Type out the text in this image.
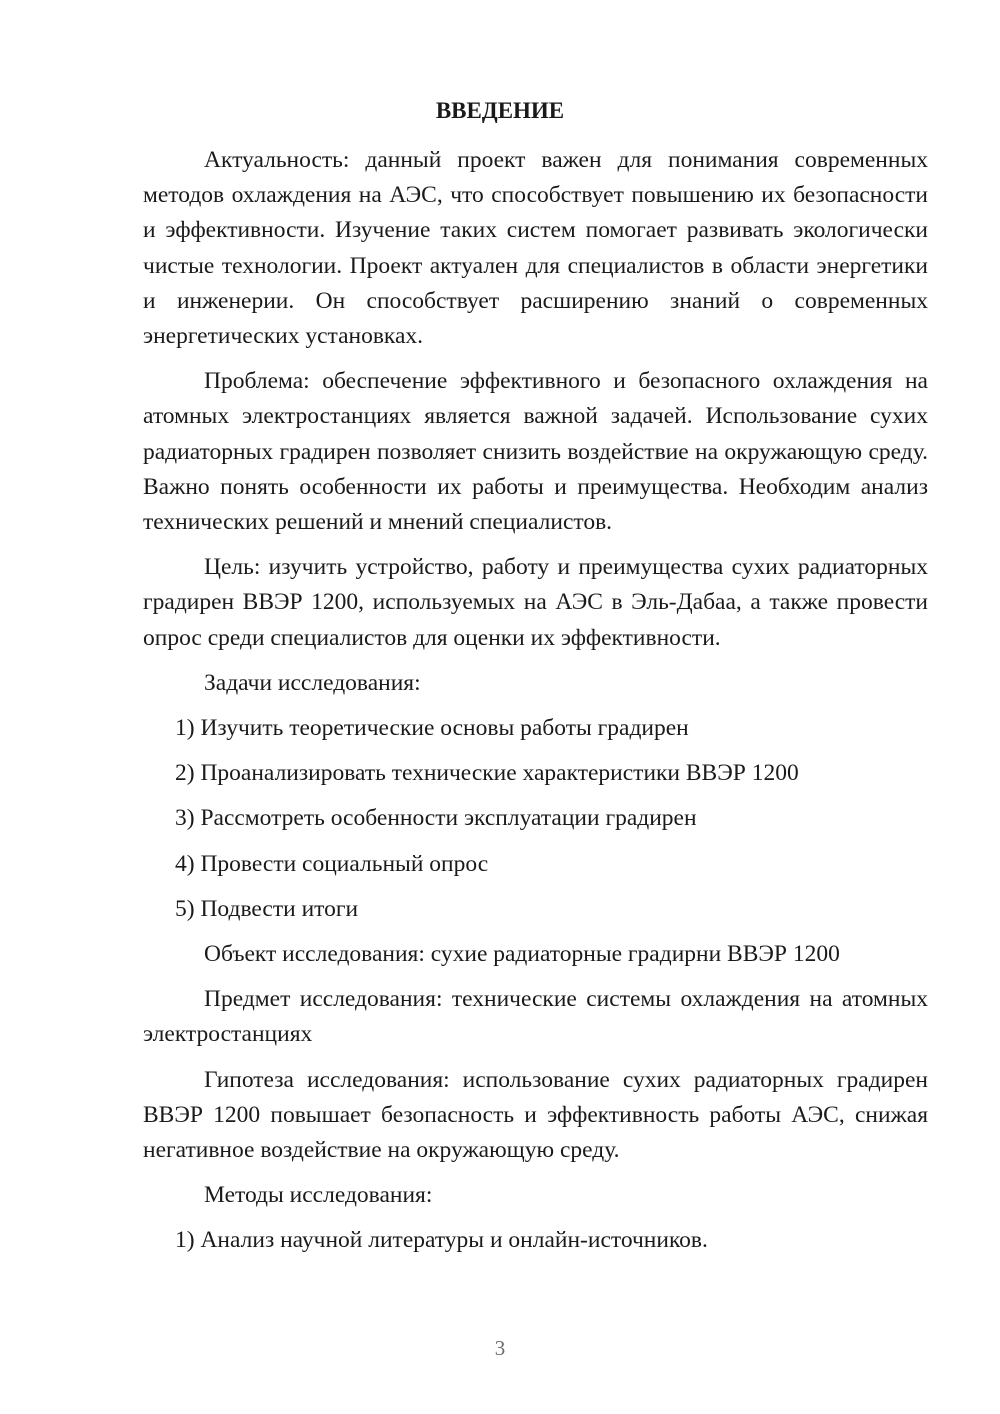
ВВЕДЕНИЕ

Актуальность: данный проект важен для понимания современных методов охлаждения на АЭС, что способствует повышению их безопасности и эффективности. Изучение таких систем помогает развивать экологически чистые технологии. Проект актуален для специалистов в области энергетики и инженерии. Он способствует расширению знаний о современных энергетических установках.

Проблема: обеспечение эффективного и безопасного охлаждения на атомных электростанциях является важной задачей. Использование сухих радиаторных градирен позволяет снизить воздействие на окружающую среду. Важно понять особенности их работы и преимущества. Необходим анализ технических решений и мнений специалистов.

Цель: изучить устройство, работу и преимущества сухих радиаторных градирен ВВЭР 1200, используемых на АЭС в Эль-Дабаа, а также провести опрос среди специалистов для оценки их эффективности.

Задачи исследования:

1) Изучить теоретические основы работы градирен

2) Проанализировать технические характеристики ВВЭР 1200

3) Рассмотреть особенности эксплуатации градирен

4) Провести социальный опрос

5) Подвести итоги

Объект исследования: сухие радиаторные градирни ВВЭР 1200

Предмет исследования: технические системы охлаждения на атомных электростанциях

Гипотеза исследования: использование сухих радиаторных градирен ВВЭР 1200 повышает безопасность и эффективность работы АЭС, снижая негативное воздействие на окружающую среду.

Методы исследования:

1) Анализ научной литературы и онлайн-источников.

3
